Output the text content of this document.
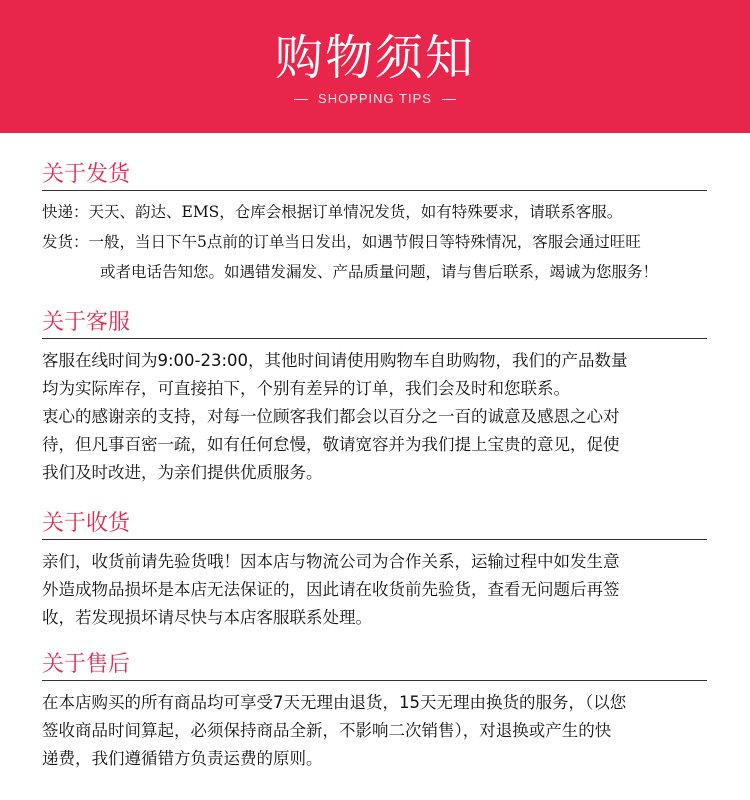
购物须知
SHOPPING TIPS
关于发货

快递：天天、韵达、EMS，仓库会根据订单情况发货，如有特殊要求，请联系客服。

发货：一般，当日下午5点前的订单当日发出，如遇节假日等特殊情况，客服会通过旺旺

或者电话告知您。如遇错发漏发、产品质量问题，请与售后联系，竭诚为您服务！

关于客服

客服在线时间为9:00-23:00，其他时间请使用购物车自助购物，我们的产品数量

均为实际库存，可直接拍下，个别有差异的订单，我们会及时和您联系。

衷心的感谢亲的支持，对每一位顾客我们都会以百分之一百的诚意及感恩之心对

待，但凡事百密一疏，如有任何怠慢，敬请宽容并为我们提上宝贵的意见，促使

我们及时改进，为亲们提供优质服务。

关于收货

亲们，收货前请先验货哦！因本店与物流公司为合作关系，运输过程中如发生意

外造成物品损坏是本店无法保证的，因此请在收货前先验货，查看无问题后再签

收，若发现损坏请尽快与本店客服联系处理。

关于售后

在本店购买的所有商品均可享受7天无理由退货，15天无理由换货的服务，（以您

签收商品时间算起，必须保持商品全新，不影响二次销售），对退换或产生的快

递费，我们遵循错方负责运费的原则。
